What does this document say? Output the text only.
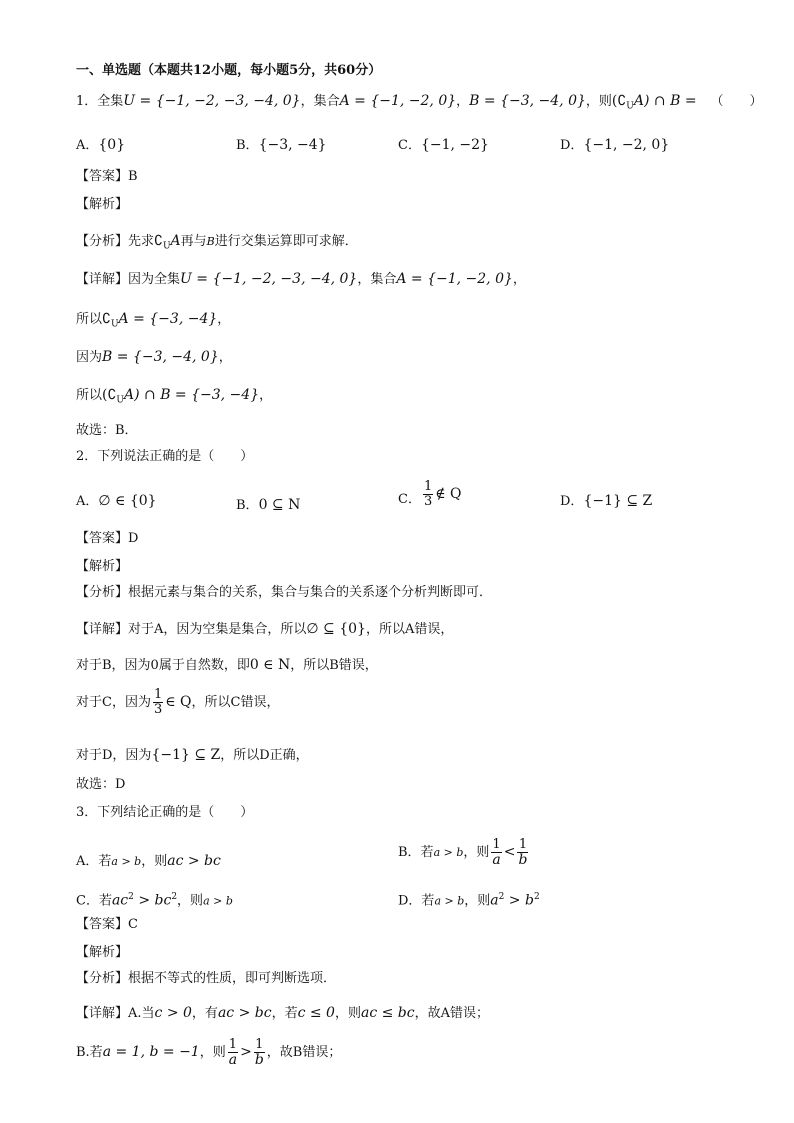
一、单选题（本题共12小题，每小题5分，共60分）
1．全集U = {−1, −2, −3, −4, 0}，集合A = {−1, −2, 0}，B = {−3, −4, 0}，则$(∁_UA)$ ∩ B = （　　）
A．{0}	B．{−3, −4}	C．{−1, −2}	D．{−1, −2, 0}
【答案】B
【解析】
【分析】先求$∁_UA$再与B进行交集运算即可求解．
【详解】因为全集U = {−1, −2, −3, −4, 0}，集合A = {−1, −2, 0}，
所以$∁_UA = \{-3$, −4}，
因为B = {−3, −4, 0}，
所以$(∁_UA)$ ∩ B = {−3, −4}，
故选：B．
2．下列说法正确的是（　　）
A．∅ ∈ {0}	B．0 ⊆ N	C． $\frac{1}{3}$ ∉ Q	D．{−1} ⊆ Z
【答案】D
【解析】
【分析】根据元素与集合的关系，集合与集合的关系逐个分析判断即可．
【详解】对于A，因为空集是集合，所以∅ ⊆ {0}，所以A错误，
对于B，因为0属于自然数，即0 ∈ N，所以B错误，
对于C，因为 $\frac{1}{3}$ ∈ Q，所以C错误，
对于D，因为{−1} ⊆ Z，所以D正确，
故选：D
3．下列结论正确的是（　　）
A．若a > b，则ac > bc
B．若a > b，则 $\frac{1}{a} < \frac{1}{b}$
C．若$ac^2 > bc^2$，则a > b	D．若a > b，则$a^2 > b^2$
【答案】C
【解析】
【分析】根据不等式的性质，即可判断选项．
【详解】A.当c > 0，有ac > bc，若c ≤ 0，则ac ≤ bc，故A错误；
B.若a = 1, b = −1，则 $\frac{1}{a} > \frac{1}{b}$ ，故B错误；
